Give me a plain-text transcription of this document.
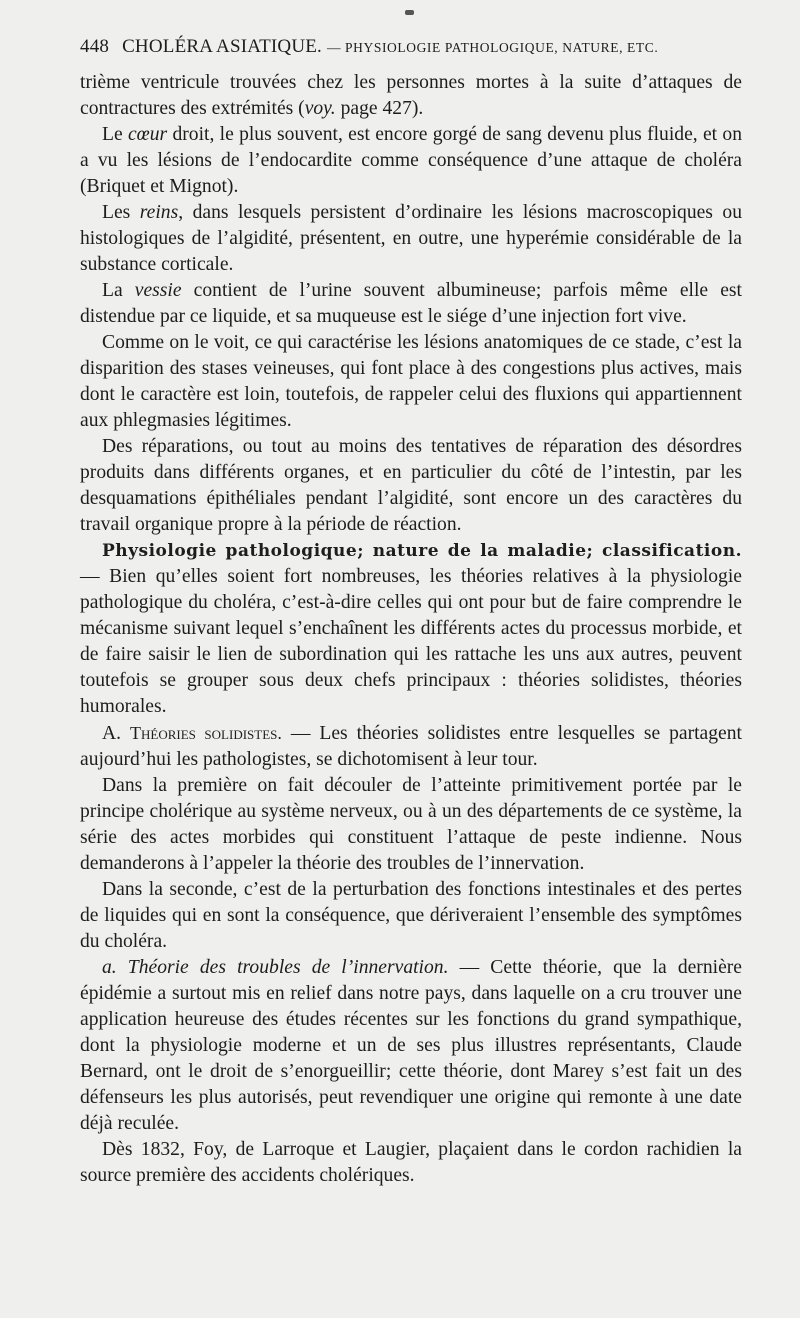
448 CHOLÉRA ASIATIQUE. — PHYSIOLOGIE PATHOLOGIQUE, NATURE, ETC.

trième ventricule trouvées chez les personnes mortes à la suite d’attaques de contractures des extrémités (voy. page 427).

Le cœur droit, le plus souvent, est encore gorgé de sang devenu plus fluide, et on a vu les lésions de l’endocardite comme conséquence d’une attaque de choléra (Briquet et Mignot).

Les reins, dans lesquels persistent d’ordinaire les lésions macroscopiques ou histologiques de l’algidité, présentent, en outre, une hyperémie considérable de la substance corticale.

La vessie contient de l’urine souvent albumineuse; parfois même elle est distendue par ce liquide, et sa muqueuse est le siége d’une injection fort vive.

Comme on le voit, ce qui caractérise les lésions anatomiques de ce stade, c’est la disparition des stases veineuses, qui font place à des congestions plus actives, mais dont le caractère est loin, toutefois, de rappeler celui des fluxions qui appartiennent aux phlegmasies légitimes.

Des réparations, ou tout au moins des tentatives de réparation des désordres produits dans différents organes, et en particulier du côté de l’intestin, par les desquamations épithéliales pendant l’algidité, sont encore un des caractères du travail organique propre à la période de réaction.

Physiologie pathologique; nature de la maladie; classification. — Bien qu’elles soient fort nombreuses, les théories relatives à la physiologie pathologique du choléra, c’est-à-dire celles qui ont pour but de faire comprendre le mécanisme suivant lequel s’enchaînent les différents actes du processus morbide, et de faire saisir le lien de subordination qui les rattache les uns aux autres, peuvent toutefois se grouper sous deux chefs principaux : théories solidistes, théories humorales.

A. Théories solidistes. — Les théories solidistes entre lesquelles se partagent aujourd’hui les pathologistes, se dichotomisent à leur tour.

Dans la première on fait découler de l’atteinte primitivement portée par le principe cholérique au système nerveux, ou à un des départements de ce système, la série des actes morbides qui constituent l’attaque de peste indienne. Nous demanderons à l’appeler la théorie des troubles de l’innervation.

Dans la seconde, c’est de la perturbation des fonctions intestinales et des pertes de liquides qui en sont la conséquence, que dériveraient l’ensemble des symptômes du choléra.

a. Théorie des troubles de l’innervation. — Cette théorie, que la dernière épidémie a surtout mis en relief dans notre pays, dans laquelle on a cru trouver une application heureuse des études récentes sur les fonctions du grand sympathique, dont la physiologie moderne et un de ses plus illustres représentants, Claude Bernard, ont le droit de s’enorgueillir; cette théorie, dont Marey s’est fait un des défenseurs les plus autorisés, peut revendiquer une origine qui remonte à une date déjà reculée.

Dès 1832, Foy, de Larroque et Laugier, plaçaient dans le cordon rachidien la source première des accidents cholériques.
